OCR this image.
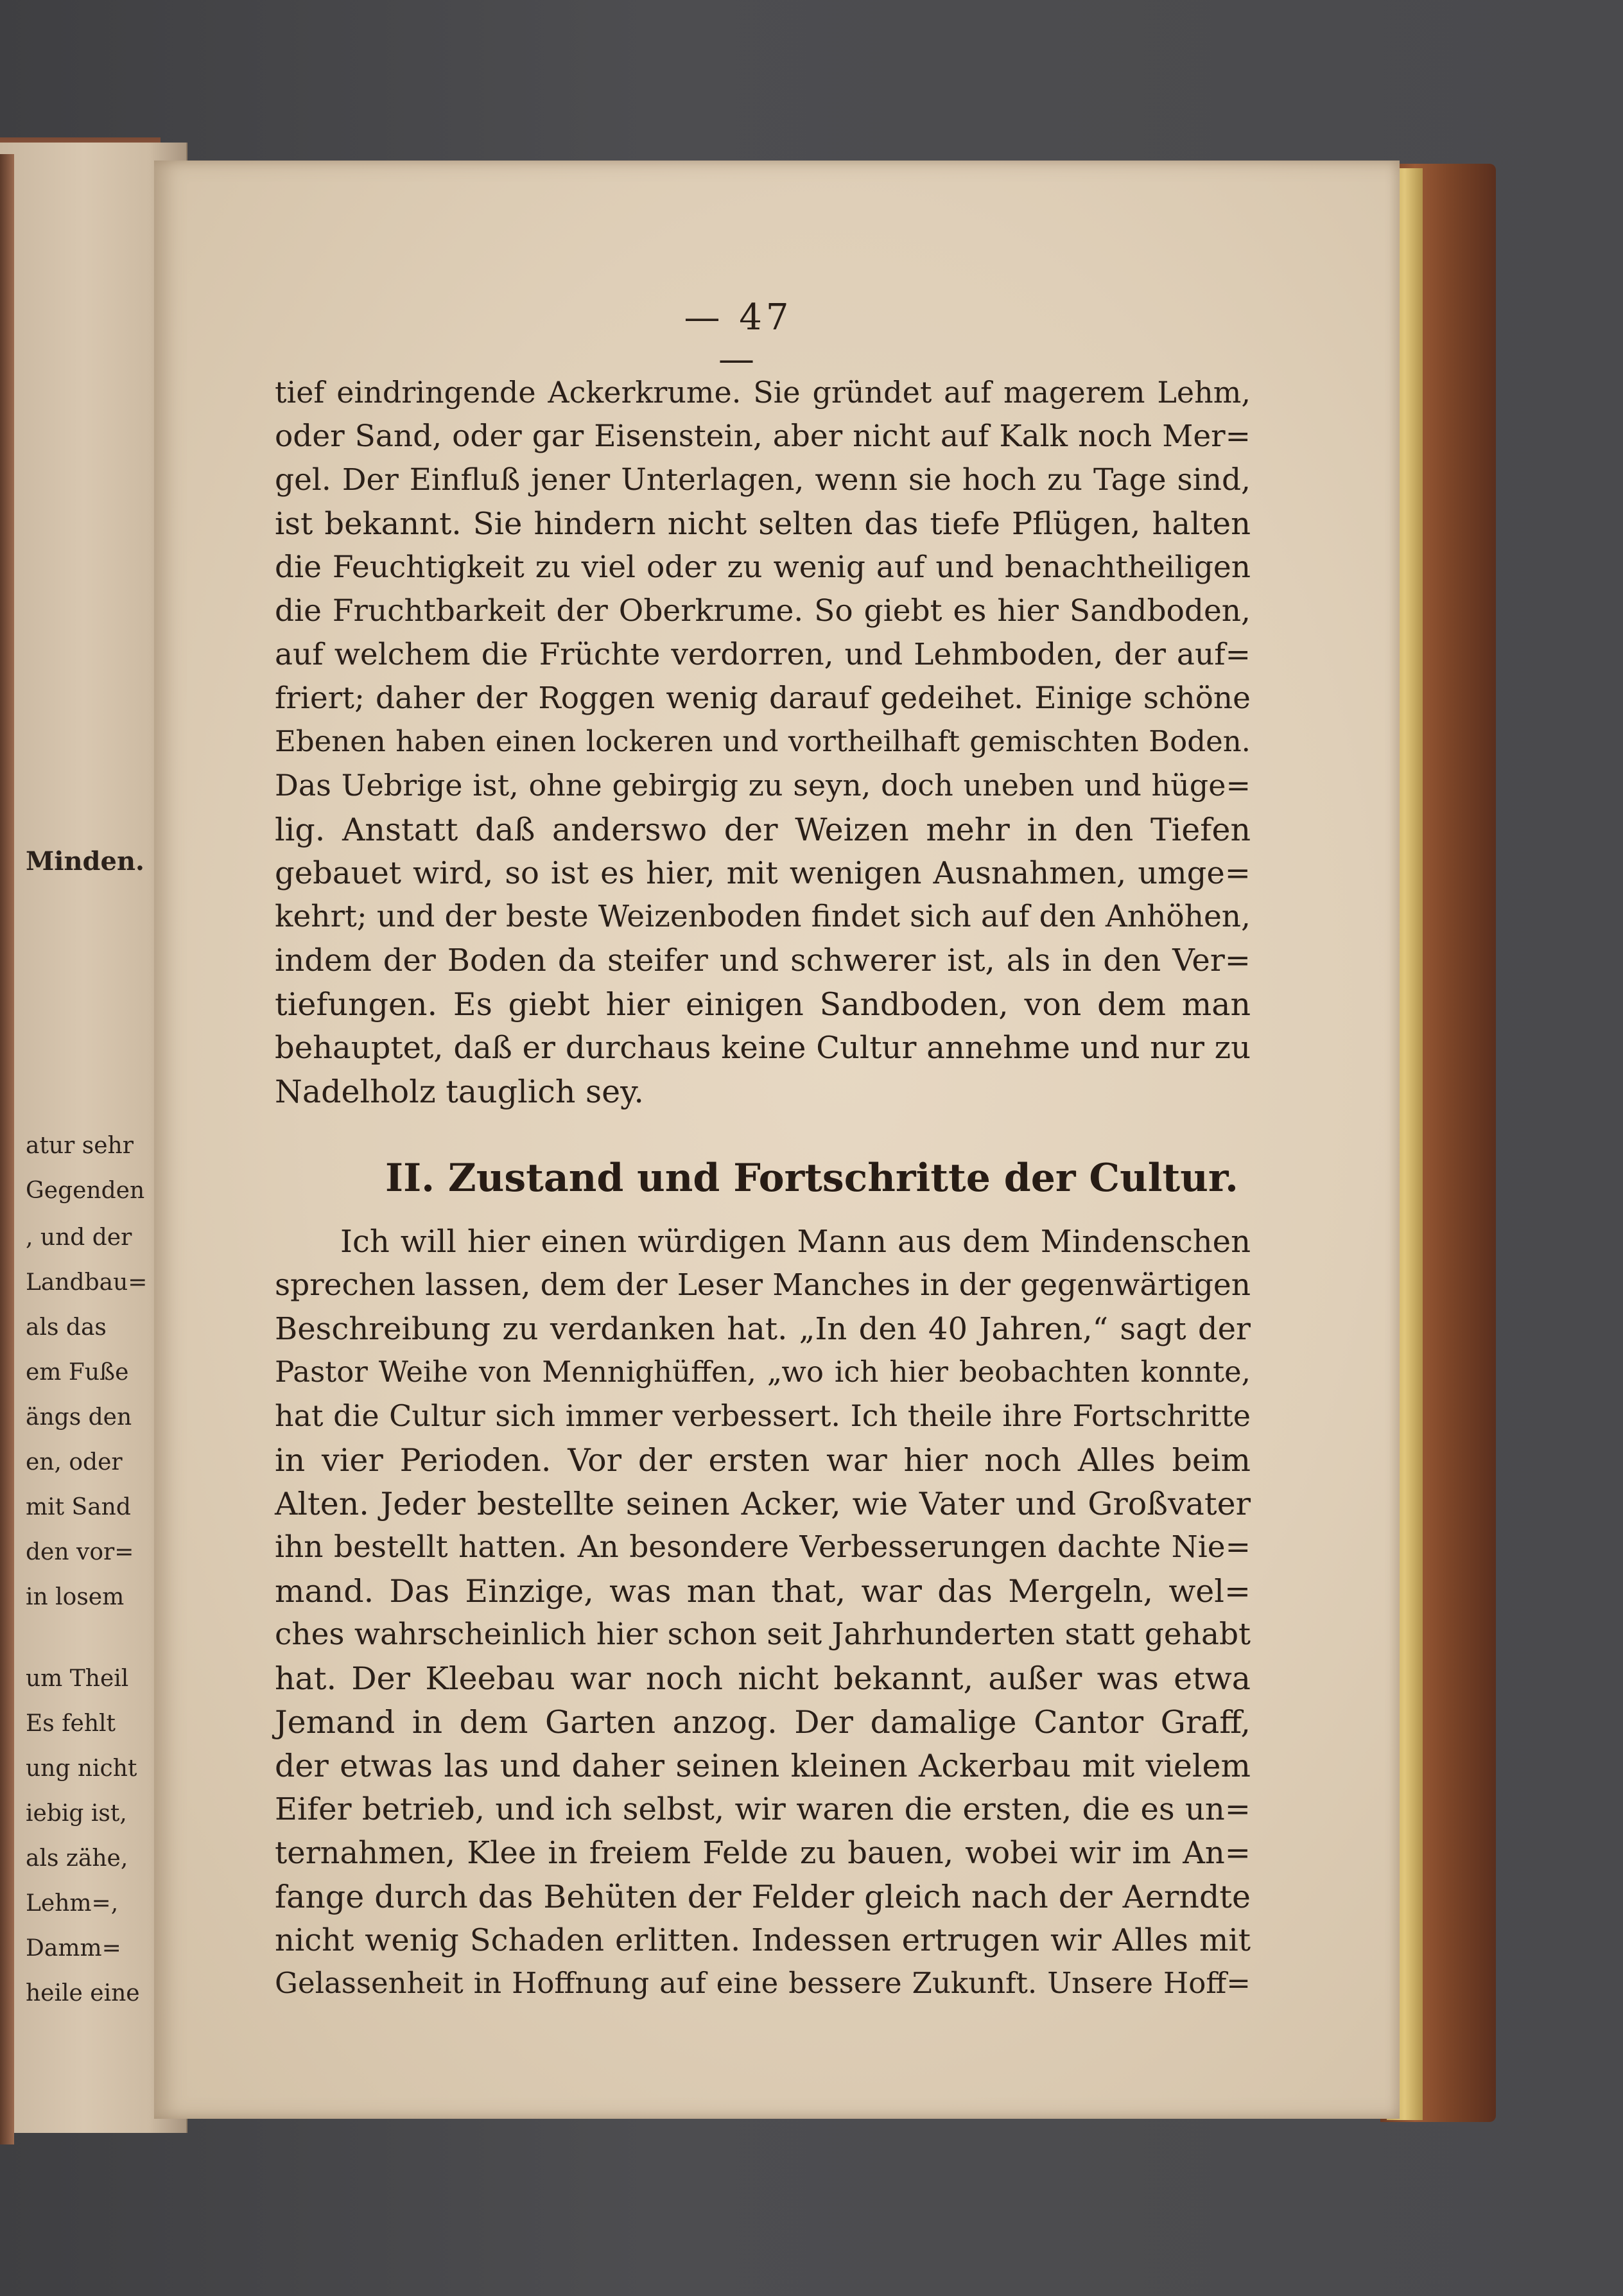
Minden.
atur sehr
Gegenden
, und der
Landbau=
als das
em Fuße
ängs den
en, oder
mit Sand
den vor=
in losem
um Theil
Es fehlt
ung nicht
iebig ist,
als zähe,
Lehm=,
Damm=
heile eine
— 47 —
tief eindringende Ackerkrume. Sie gründet auf magerem Lehm,
oder Sand, oder gar Eisenstein, aber nicht auf Kalk noch Mer=
gel. Der Einfluß jener Unterlagen, wenn sie hoch zu Tage sind,
ist bekannt. Sie hindern nicht selten das tiefe Pflügen, halten
die Feuchtigkeit zu viel oder zu wenig auf und benachtheiligen
die Fruchtbarkeit der Oberkrume. So giebt es hier Sandboden,
auf welchem die Früchte verdorren, und Lehmboden, der auf=
friert; daher der Roggen wenig darauf gedeihet. Einige schöne
Ebenen haben einen lockeren und vortheilhaft gemischten Boden.
Das Uebrige ist, ohne gebirgig zu seyn, doch uneben und hüge=
lig. Anstatt daß anderswo der Weizen mehr in den Tiefen
gebauet wird, so ist es hier, mit wenigen Ausnahmen, umge=
kehrt; und der beste Weizenboden findet sich auf den Anhöhen,
indem der Boden da steifer und schwerer ist, als in den Ver=
tiefungen. Es giebt hier einigen Sandboden, von dem man
behauptet, daß er durchaus keine Cultur annehme und nur zu
Nadelholz tauglich sey.
II. Zustand und Fortschritte der Cultur.
Ich will hier einen würdigen Mann aus dem Mindenschen
sprechen lassen, dem der Leser Manches in der gegenwärtigen
Beschreibung zu verdanken hat. „In den 40 Jahren,“ sagt der
Pastor Weihe von Mennighüffen, „wo ich hier beobachten konnte,
hat die Cultur sich immer verbessert. Ich theile ihre Fortschritte
in vier Perioden. Vor der ersten war hier noch Alles beim
Alten. Jeder bestellte seinen Acker, wie Vater und Großvater
ihn bestellt hatten. An besondere Verbesserungen dachte Nie=
mand. Das Einzige, was man that, war das Mergeln, wel=
ches wahrscheinlich hier schon seit Jahrhunderten statt gehabt
hat. Der Kleebau war noch nicht bekannt, außer was etwa
Jemand in dem Garten anzog. Der damalige Cantor Graff,
der etwas las und daher seinen kleinen Ackerbau mit vielem
Eifer betrieb, und ich selbst, wir waren die ersten, die es un=
ternahmen, Klee in freiem Felde zu bauen, wobei wir im An=
fange durch das Behüten der Felder gleich nach der Aerndte
nicht wenig Schaden erlitten. Indessen ertrugen wir Alles mit
Gelassenheit in Hoffnung auf eine bessere Zukunft. Unsere Hoff=
